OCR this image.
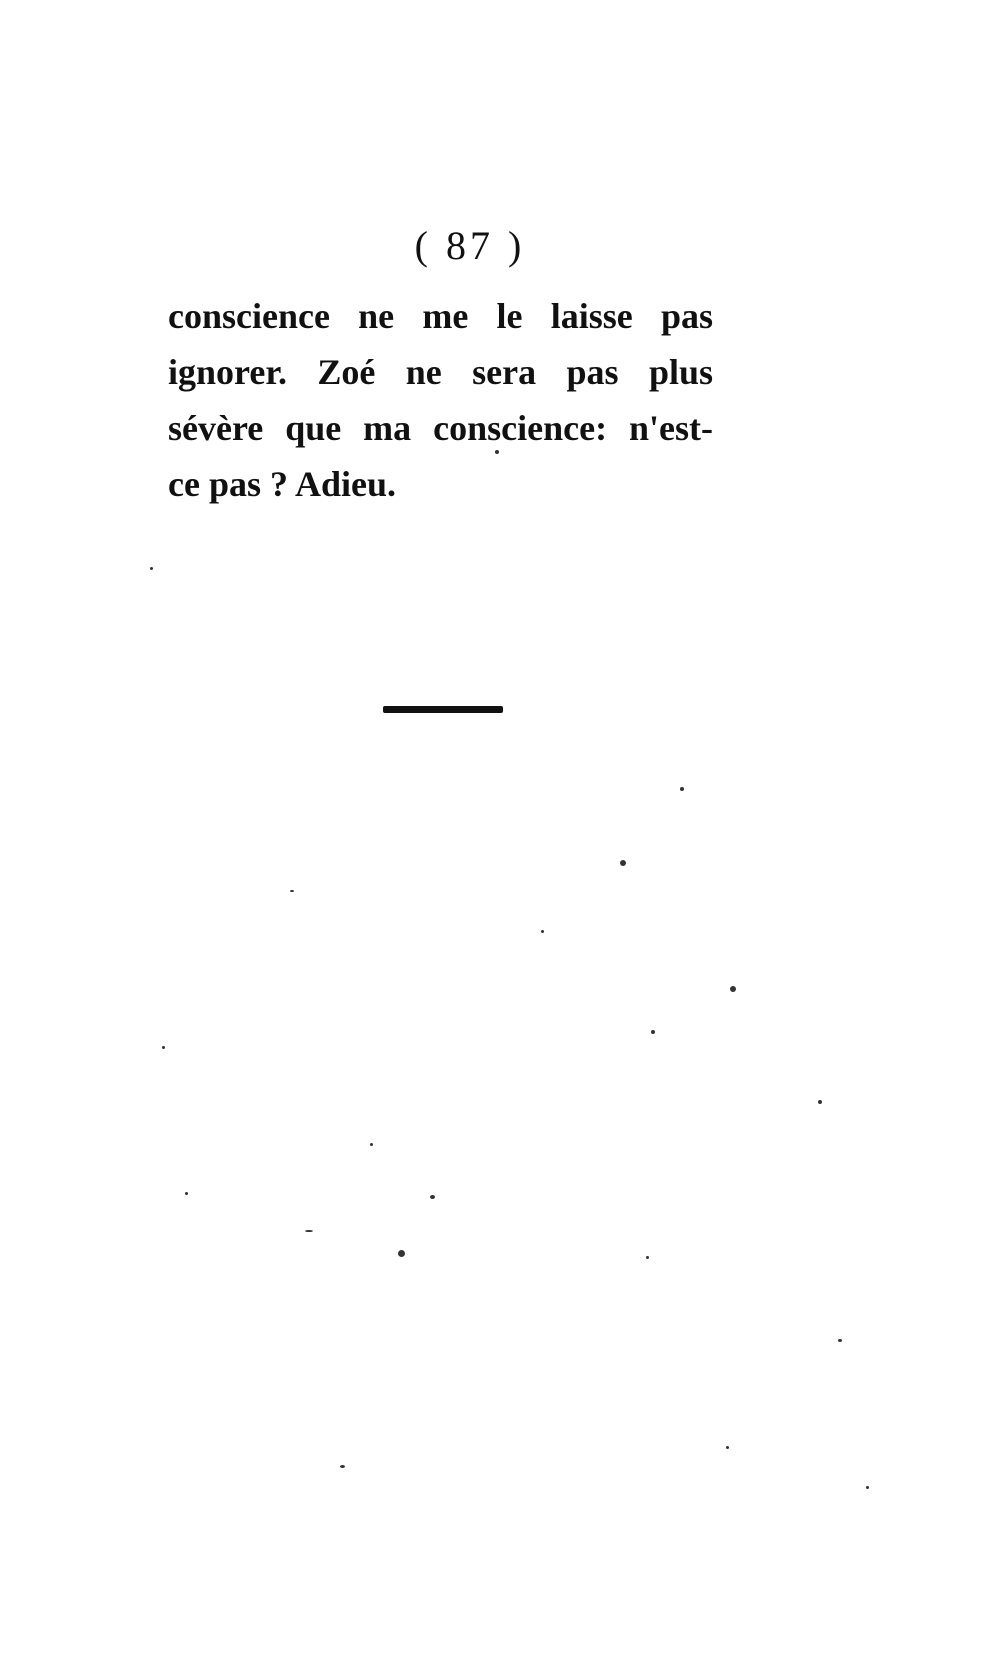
( 87 )
conscience ne me le laisse pas
ignorer. Zoé ne sera pas plus
sévère que ma conscience: n'est-
ce pas ? Adieu.
